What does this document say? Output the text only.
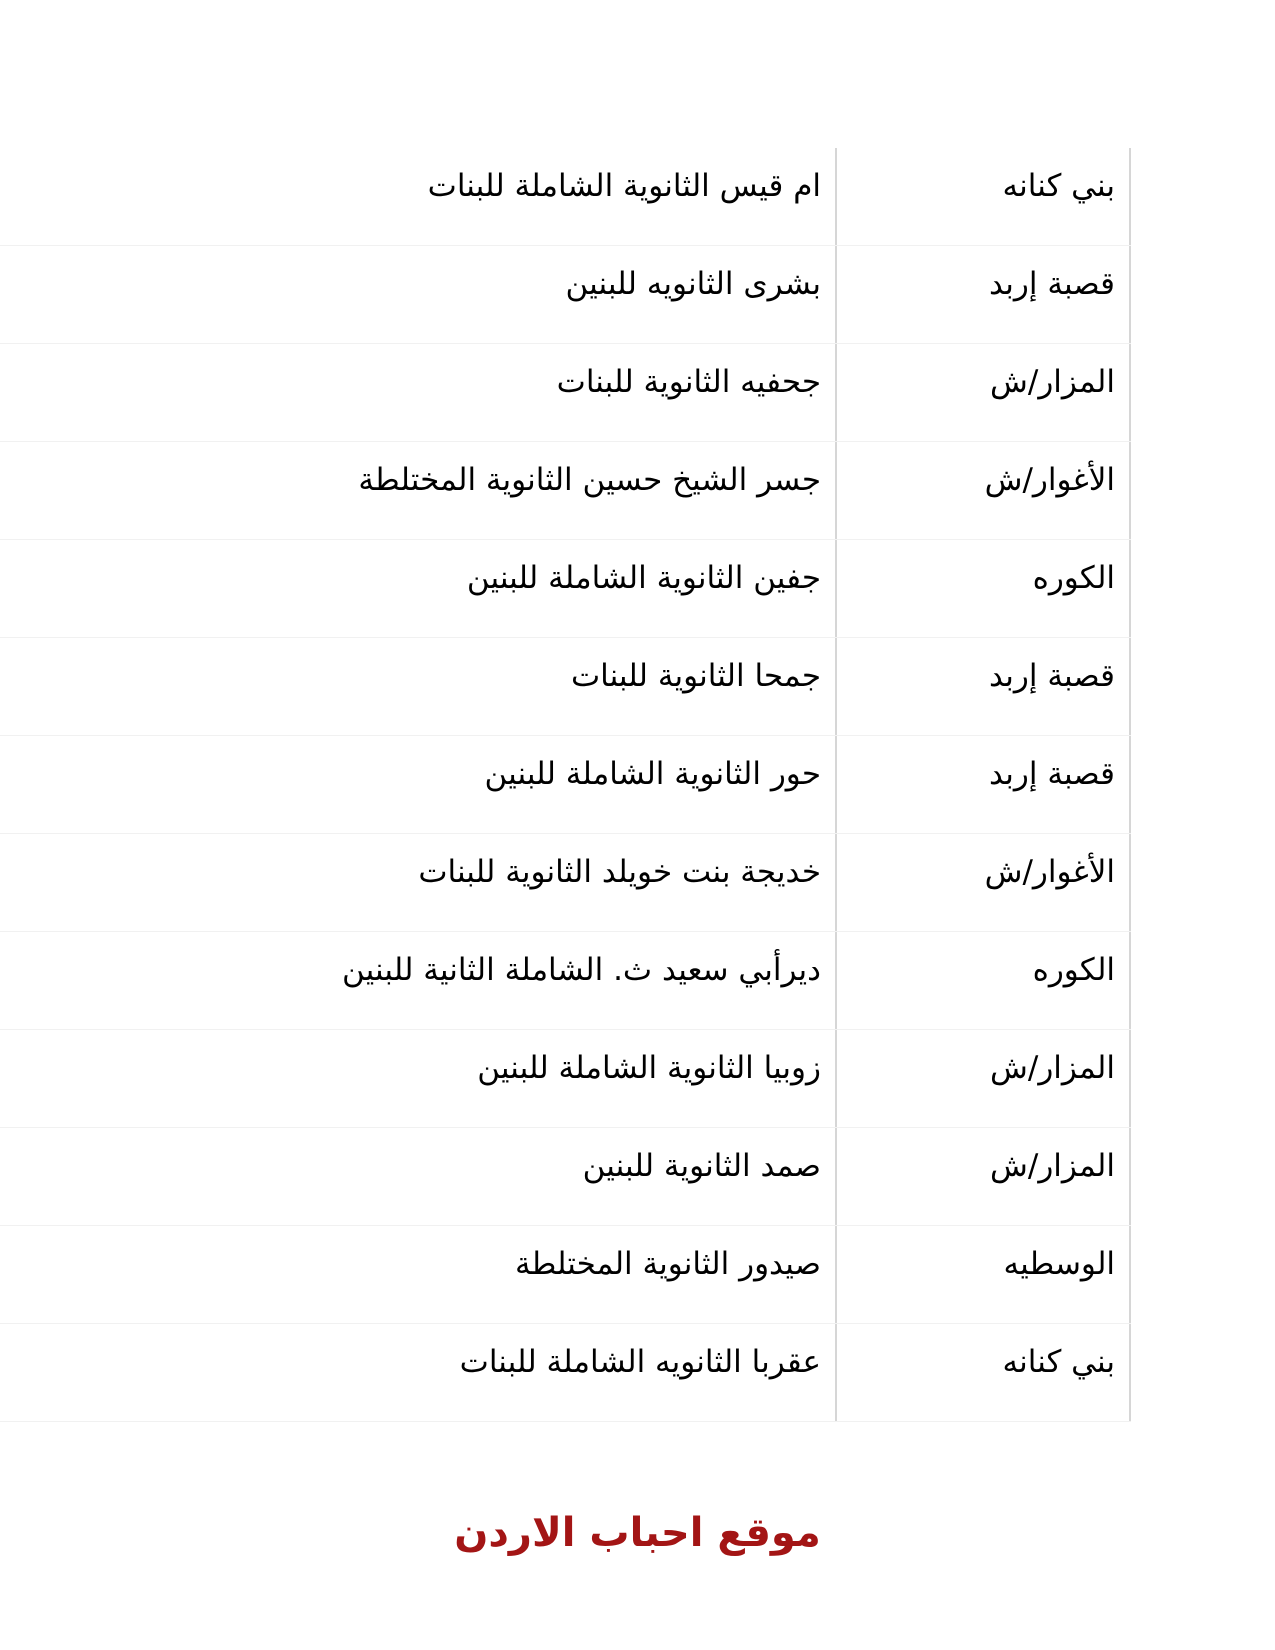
بني كنانه
ام قيس الثانوية الشاملة للبنات
قصبة إربد
بشرى الثانويه للبنين
المزار/ش
جحفيه الثانوية للبنات
الأغوار/ش
جسر الشيخ حسين الثانوية المختلطة
الكوره
جفين الثانوية الشاملة للبنين
قصبة إربد
جمحا الثانوية للبنات
قصبة إربد
حور الثانوية الشاملة للبنين
الأغوار/ش
خديجة بنت خويلد الثانوية للبنات
الكوره
ديرأبي سعيد ث. الشاملة الثانية للبنين
المزار/ش
زوبيا الثانوية الشاملة للبنين
المزار/ش
صمد الثانوية للبنين
الوسطيه
صيدور الثانوية المختلطة
بني كنانه
عقربا الثانويه الشاملة للبنات
موقع احباب الاردن
